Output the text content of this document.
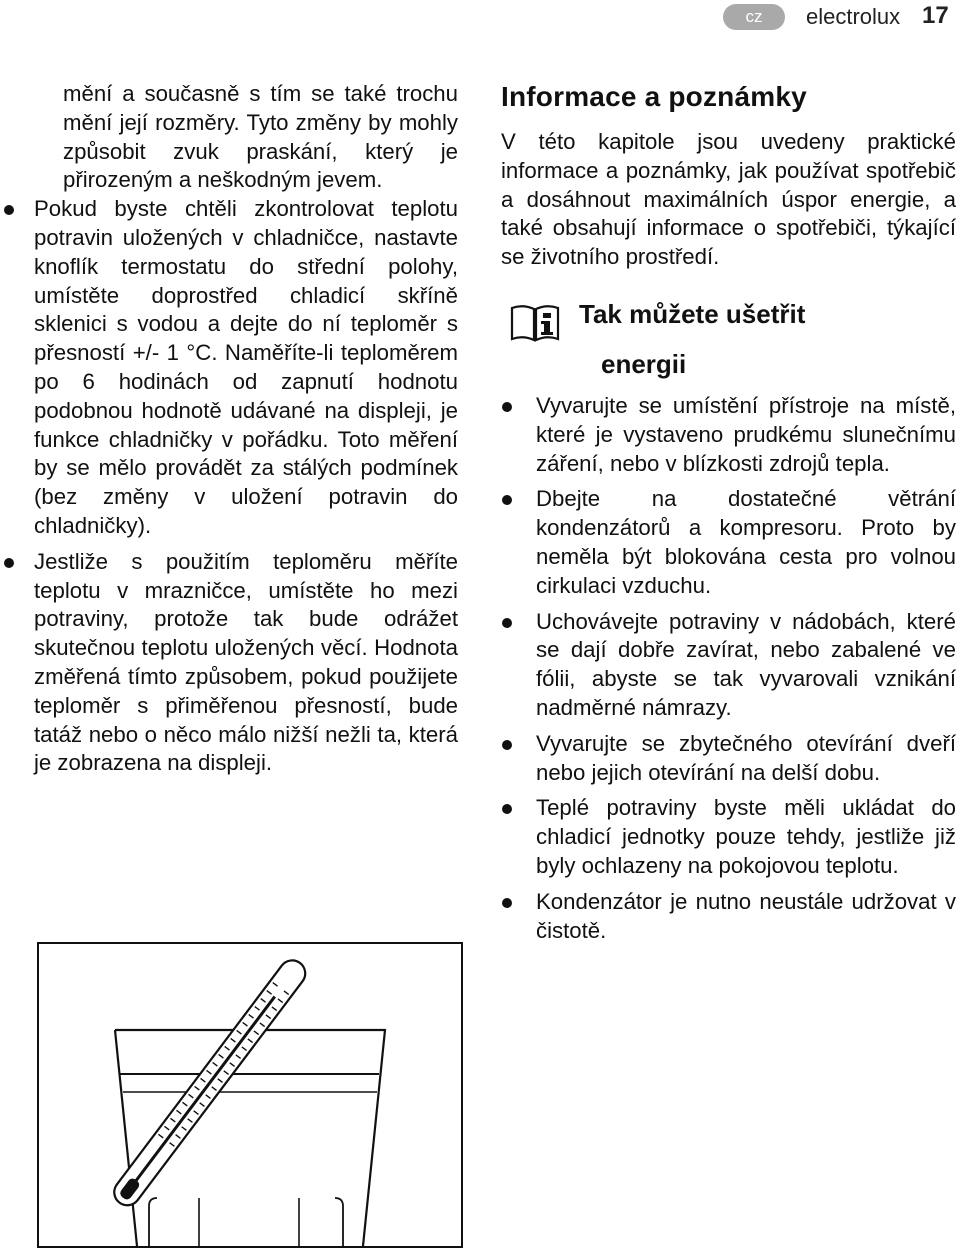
cz	electrolux 17

mění a současně s tím se také trochu mění její rozměry. Tyto změny by mohly způsobit zvuk praskání, který je přirozeným a neškodným jevem.

Pokud byste chtěli zkontrolovat teplotu potravin uložených v chladničce, nastavte knoflík termostatu do střední polohy, umístěte doprostřed chladicí skříně sklenici s vodou a dejte do ní teploměr s přesností +/- 1 °C. Naměříte-li teploměrem po 6 hodinách od zapnutí hodnotu podobnou hodnotě udávané na displeji, je funkce chladničky v pořádku. Toto měření by se mělo provádět za stálých podmínek (bez změny v uložení potravin do chladničky).

Jestliže s použitím teploměru měříte teplotu v mrazničce, umístěte ho mezi potraviny, protože tak bude odrážet skutečnou teplotu uložených věcí. Hodnota změřená tímto způsobem, pokud použijete teploměr s přiměřenou přesností, bude tatáž nebo o něco málo nižší nežli ta, která je zobrazena na displeji.

Informace a poznámky

V této kapitole jsou uvedeny praktické informace a poznámky, jak používat spotřebič a dosáhnout maximálních úspor energie, a také obsahují informace o spotřebiči, týkající se životního prostředí.

Tak můžete ušetřit
energii
Vyvarujte se umístění přístroje na místě, které je vystaveno prudkému slunečnímu záření, nebo v blízkosti zdrojů tepla.
Dbejte na dostatečné větrání kondenzátorů a kompresoru. Proto by neměla být blokována cesta pro volnou cirkulaci vzduchu.
Uchovávejte potraviny v nádobách, které se dají dobře zavírat, nebo zabalené ve fólii, abyste se tak vyvarovali vznikání nadměrné námrazy.
Vyvarujte se zbytečného otevírání dveří nebo jejich otevírání na delší dobu.
Teplé potraviny byste měli ukládat do chladicí jednotky pouze tehdy, jestliže již byly ochlazeny na pokojovou teplotu.
Kondenzátor je nutno neustále udržovat v čistotě.
